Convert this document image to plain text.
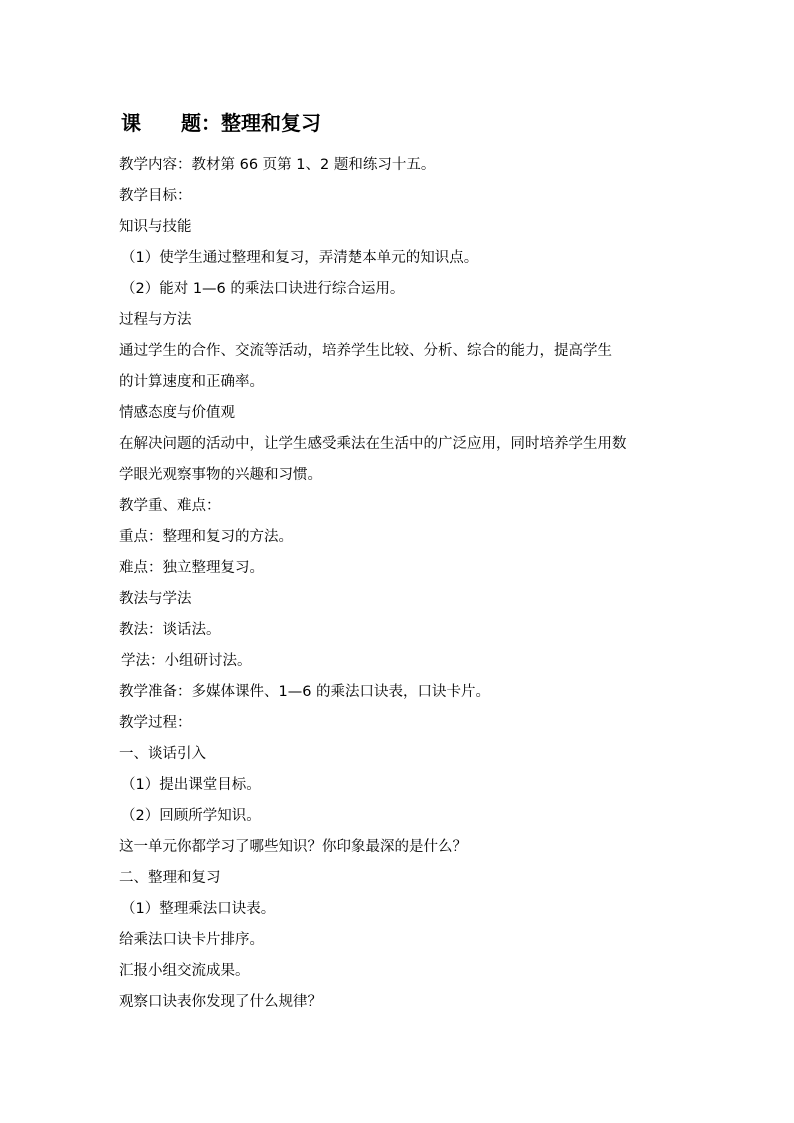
课 题：整理和复习
教学内容：教材第 66 页第 1、2 题和练习十五。
教学目标：
知识与技能
（1）使学生通过整理和复习，弄清楚本单元的知识点。
（2）能对 1—6 的乘法口诀进行综合运用。
过程与方法
通过学生的合作、交流等活动，培养学生比较、分析、综合的能力，提高学生
的计算速度和正确率。
情感态度与价值观
在解决问题的活动中，让学生感受乘法在生活中的广泛应用，同时培养学生用数
学眼光观察事物的兴趣和习惯。
教学重、难点：
重点：整理和复习的方法。
难点：独立整理复习。
教法与学法
教法：谈话法。
学法：小组研讨法。
教学准备：多媒体课件、1—6 的乘法口诀表，口诀卡片。
教学过程：
一、谈话引入
（1）提出课堂目标。
（2）回顾所学知识。
这一单元你都学习了哪些知识？你印象最深的是什么？
二、整理和复习
（1）整理乘法口诀表。
给乘法口诀卡片排序。
汇报小组交流成果。
观察口诀表你发现了什么规律？
